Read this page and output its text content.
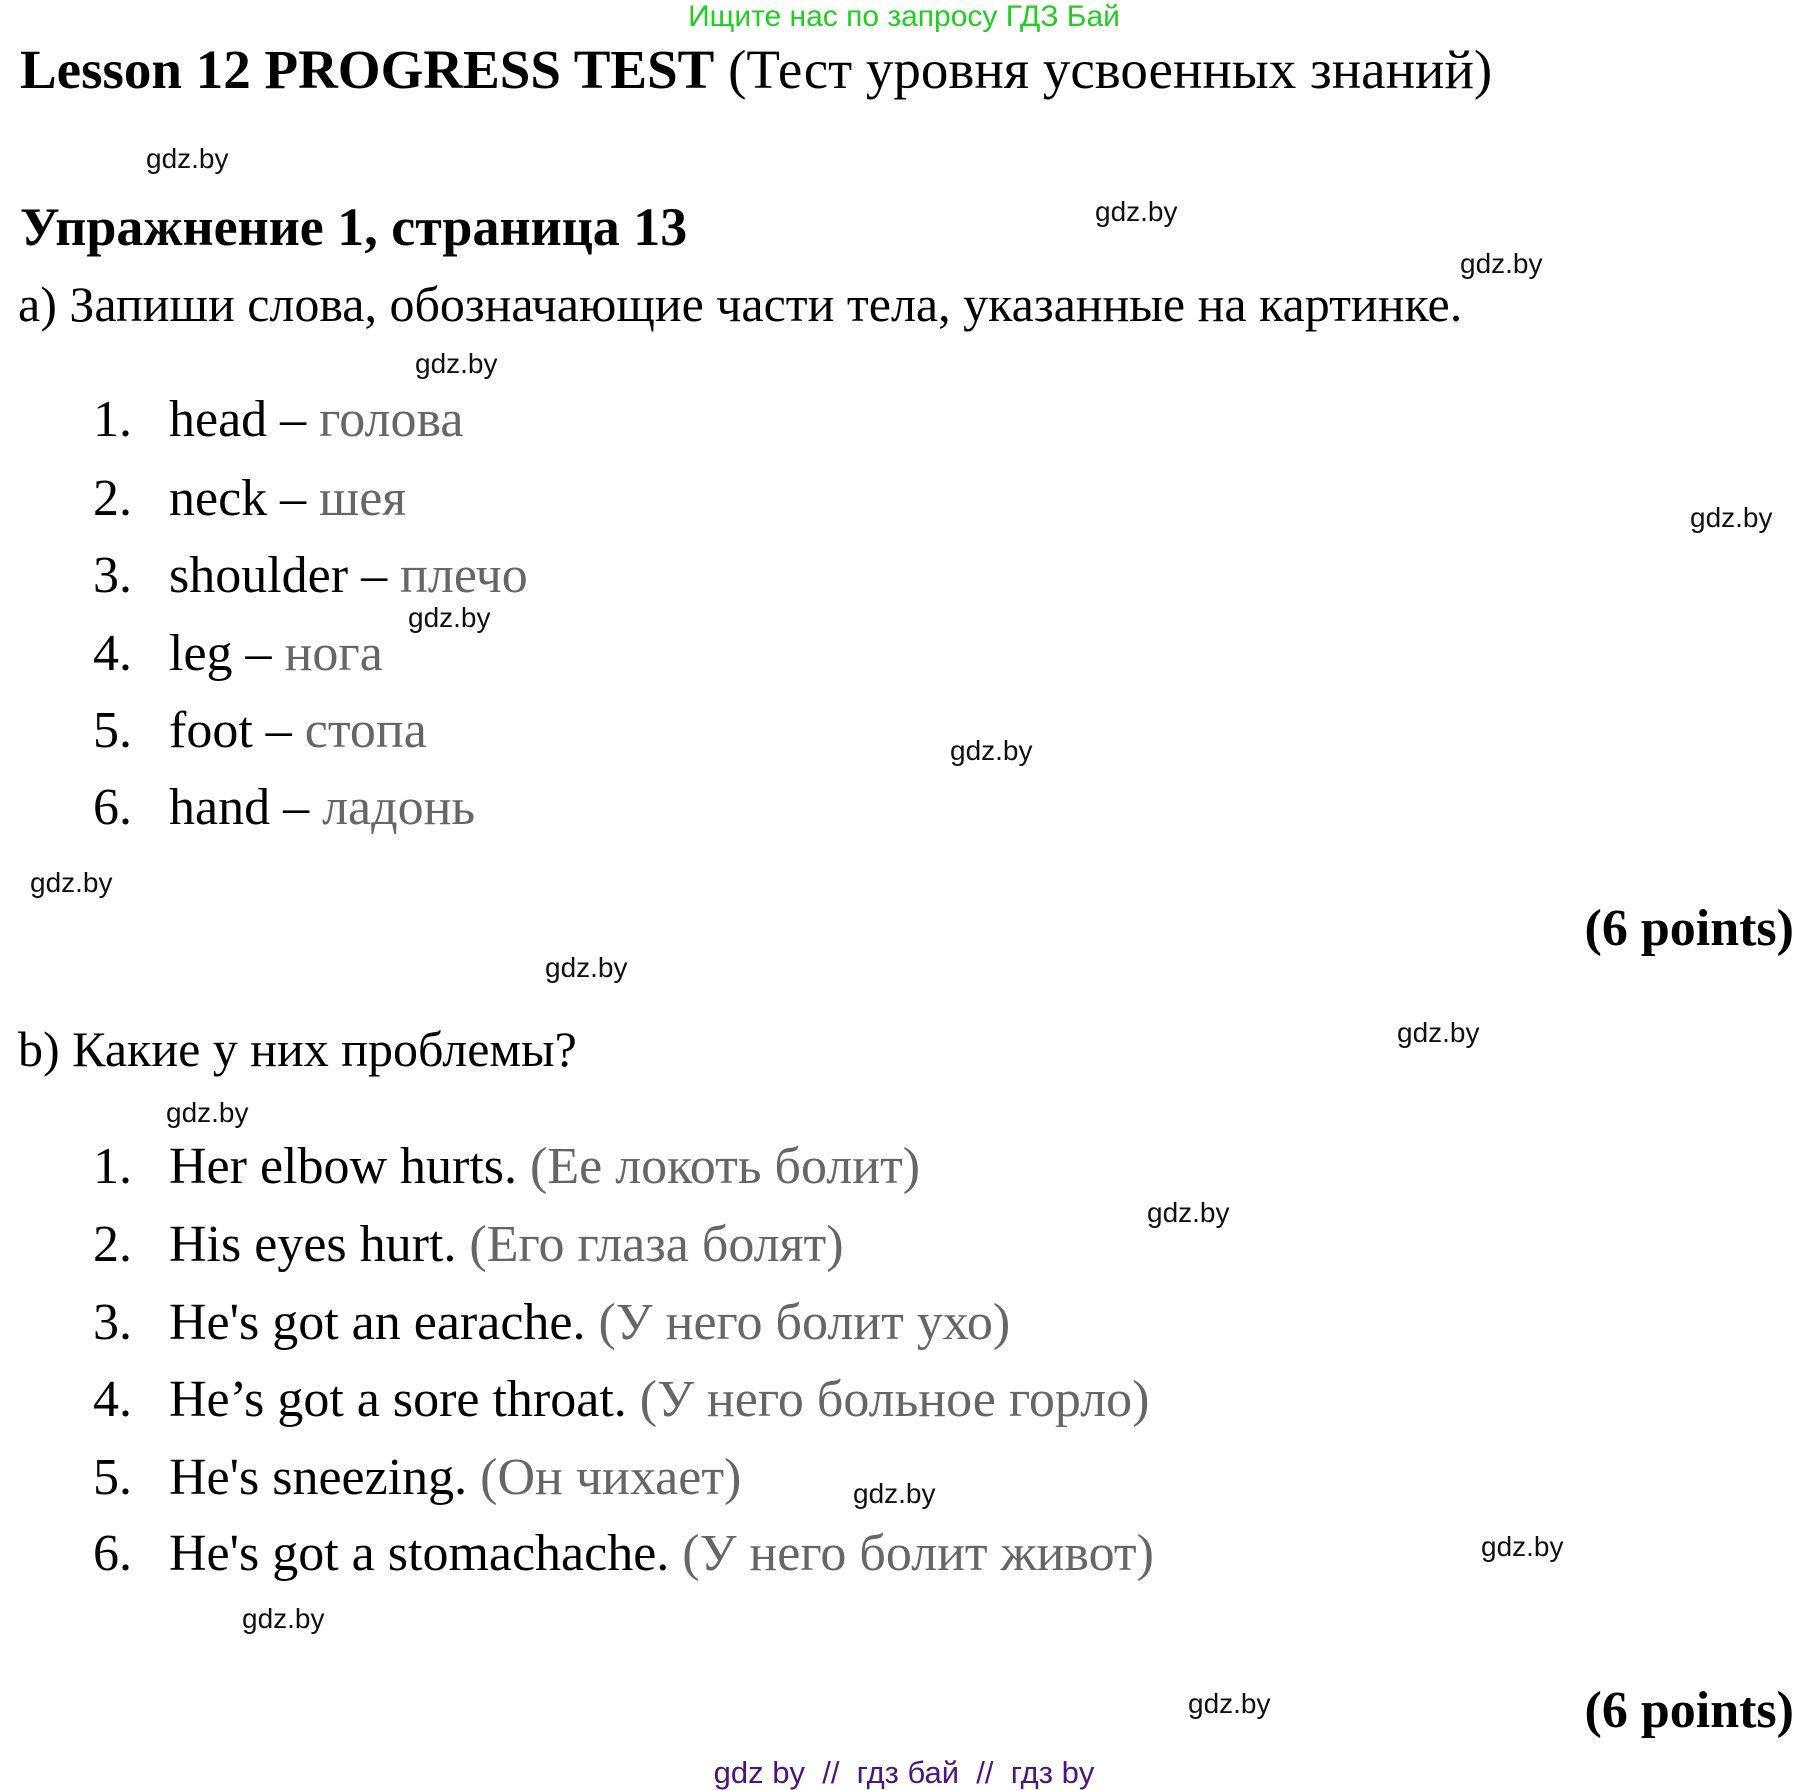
Ищите нас по запросу ГДЗ Бай
Lesson 12 PROGRESS TEST (Тест уровня усвоенных знаний)
Упражнение 1, страница 13
a) Запиши слова, обозначающие части тела, указанные на картинке.
1. head – голова
2. neck – шея
3. shoulder – плечо
4. leg – нога
5. foot – стопа
6. hand – ладонь
(6 points)
b) Какие у них проблемы?
1. Her elbow hurts. (Ее локоть болит)
2. His eyes hurt. (Его глаза болят)
3. He's got an earache. (У него болит ухо)
4. He’s got a sore throat. (У него больное горло)
5. He's sneezing. (Он чихает)
6. He's got a stomachache. (У него болит живот)
(6 points)
gdz.by
gdz.by
gdz.by
gdz.by
gdz.by
gdz.by
gdz.by
gdz.by
gdz.by
gdz.by
gdz.by
gdz.by
gdz.by
gdz.by
gdz.by
gdz.by
gdz by  //  гдз бай  //  гдз by
